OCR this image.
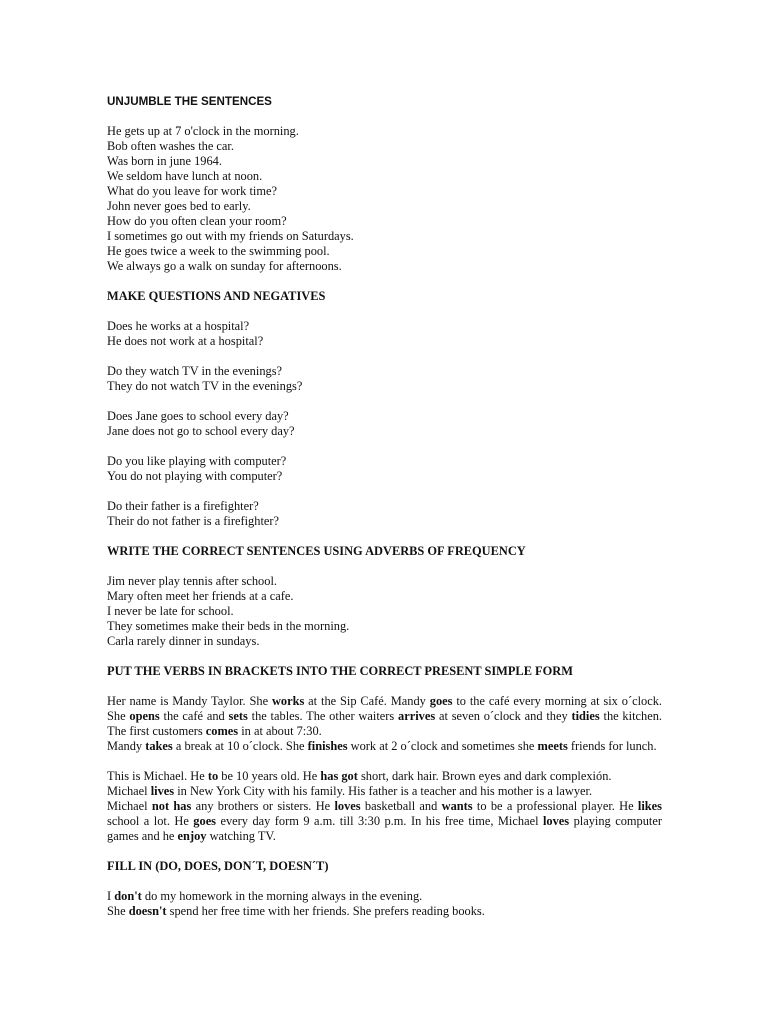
UNJUMBLE THE SENTENCES
He gets up at 7 o'clock in the morning.
Bob often washes the car.
Was born in june 1964.
We seldom have lunch at noon.
What do you leave for work time?
John never goes bed to early.
How do you often clean your room?
I sometimes go out with my friends on Saturdays.
He goes twice a week to the swimming pool.
We always go a walk on sunday for afternoons.
MAKE QUESTIONS AND NEGATIVES
Does he works at a hospital?
He does not work at a hospital?
Do they watch TV in the evenings?
They do not watch TV in the evenings?
Does Jane goes to school every day?
Jane does not go to school every day?
Do you like playing with computer?
You do not playing with computer?
Do their father is a firefighter?
Their do not father is a firefighter?
WRITE THE CORRECT SENTENCES USING ADVERBS OF FREQUENCY
Jim never play tennis after school.
Mary often meet her friends at a cafe.
I never be late for school.
They sometimes make their beds in the morning.
Carla rarely dinner in sundays.
PUT THE VERBS IN BRACKETS INTO THE CORRECT PRESENT SIMPLE FORM
Her name is Mandy Taylor. She works at the Sip Café. Mandy goes to the café every morning at six o´clock. She opens the café and sets the tables. The other waiters arrives at seven o´clock and they tidies the kitchen. The first customers comes in at about 7:30.
Mandy takes a break at 10 o´clock. She finishes work at 2 o´clock and sometimes she meets friends for lunch.
This is Michael. He to be 10 years old. He has got short, dark hair. Brown eyes and dark complexión.
Michael lives in New York City with his family. His father is a teacher and his mother is a lawyer.
Michael not has any brothers or sisters. He loves basketball and wants to be a professional player. He likes school a lot. He goes every day form 9 a.m. till 3:30 p.m. In his free time, Michael loves playing computer games and he enjoy watching TV.
FILL IN (DO, DOES, DON´T, DOESN´T)
I don't do my homework in the morning always in the evening.
She doesn't spend her free time with her friends. She prefers reading books.
